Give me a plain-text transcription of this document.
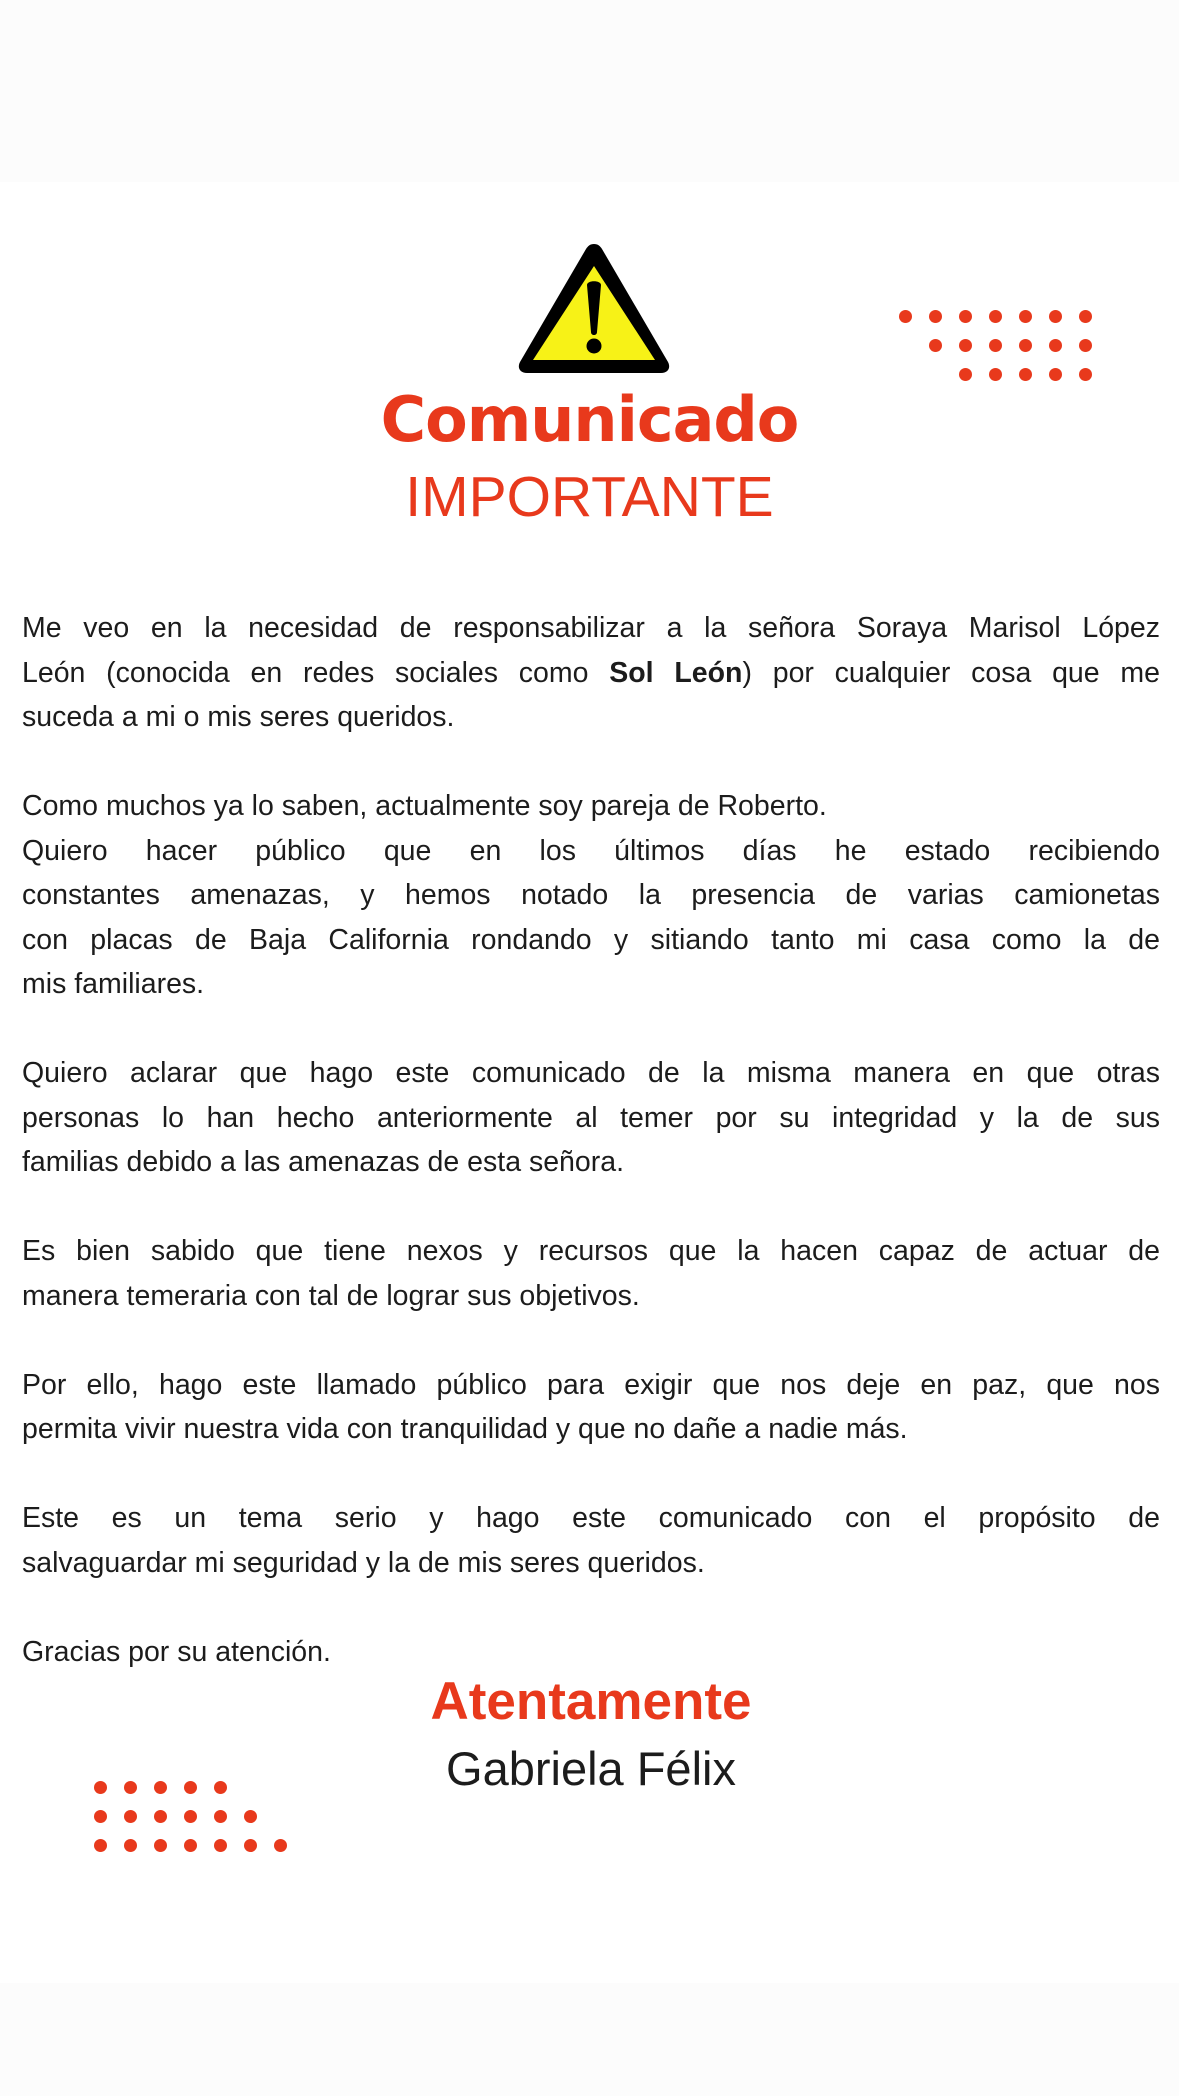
Comunicado
IMPORTANTE

Me veo en la necesidad de responsabilizar a la señora Soraya Marisol López
León (conocida en redes sociales como Sol León) por cualquier cosa que me
suceda a mi o mis seres queridos.

Como muchos ya lo saben, actualmente soy pareja de Roberto.
Quiero hacer público que en los últimos días he estado recibiendo
constantes amenazas, y hemos notado la presencia de varias camionetas
con placas de Baja California rondando y sitiando tanto mi casa como la de
mis familiares.

Quiero aclarar que hago este comunicado de la misma manera en que otras
personas lo han hecho anteriormente al temer por su integridad y la de sus
familias debido a las amenazas de esta señora.

Es bien sabido que tiene nexos y recursos que la hacen capaz de actuar de
manera temeraria con tal de lograr sus objetivos.

Por ello, hago este llamado público para exigir que nos deje en paz, que nos
permita vivir nuestra vida con tranquilidad y que no dañe a nadie más.

Este es un tema serio y hago este comunicado con el propósito de
salvaguardar mi seguridad y la de mis seres queridos.

Gracias por su atención.
Atentamente
Gabriela Félix
